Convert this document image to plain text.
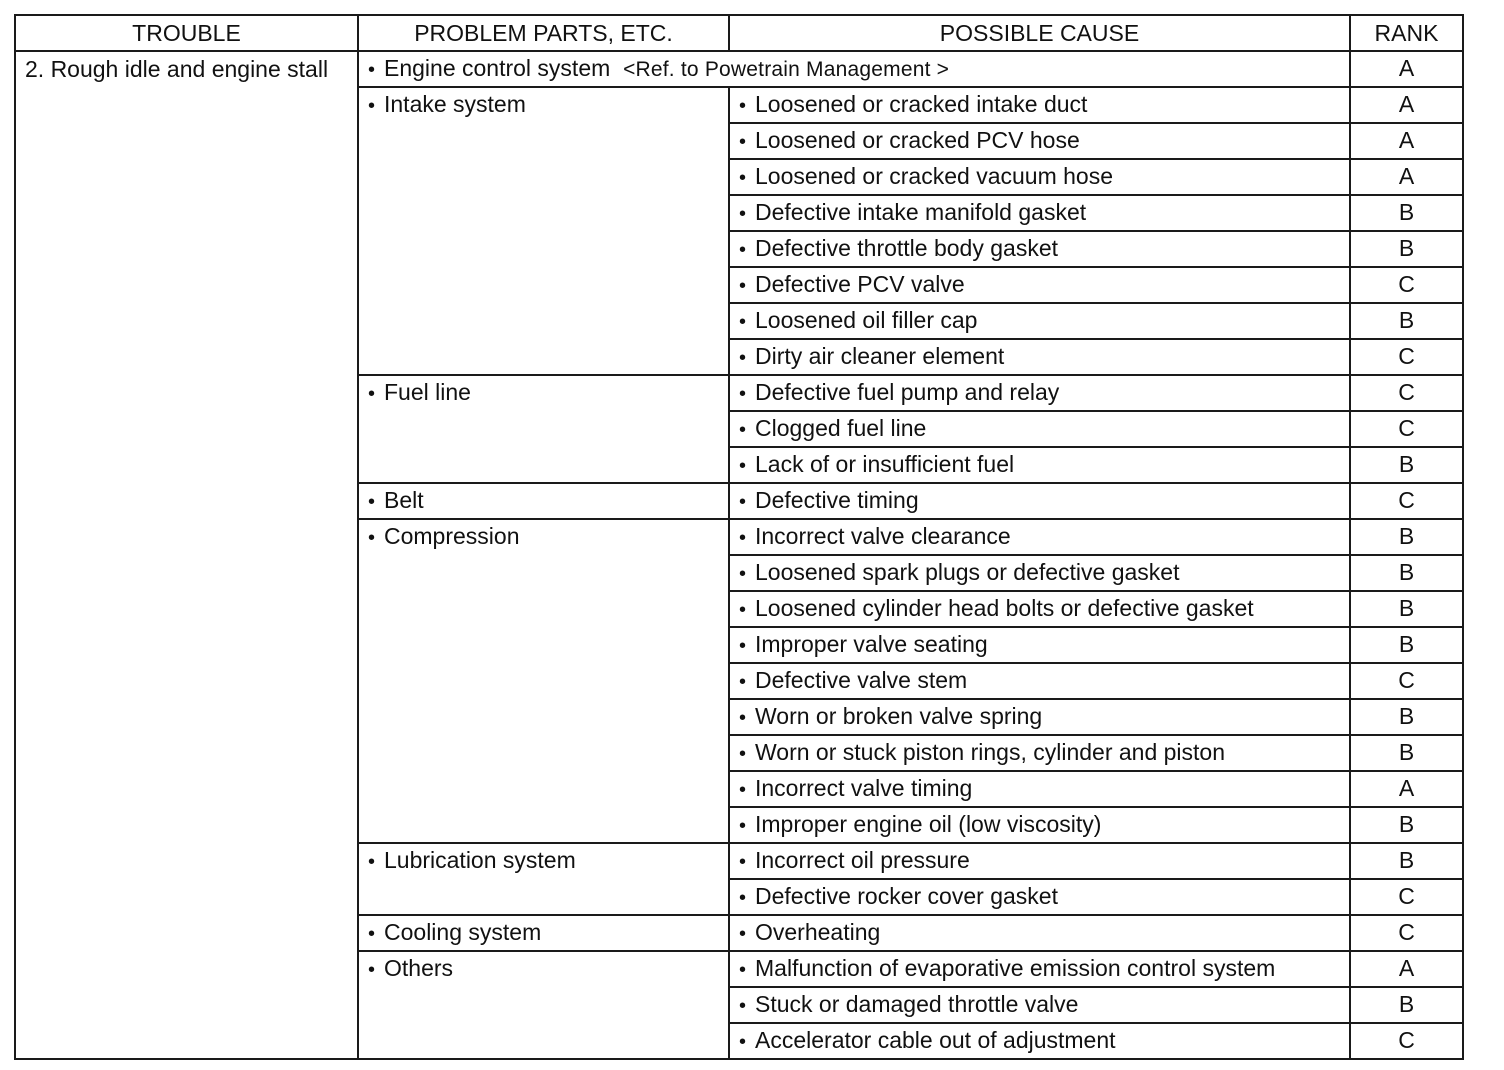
TROUBLE	PROBLEM PARTS, ETC.	POSSIBLE CAUSE	RANK
2. Rough idle and engine stall	• Engine control system <Ref. to Powetrain Management >		A
	• Intake system	• Loosened or cracked intake duct	A
		• Loosened or cracked PCV hose	A
		• Loosened or cracked vacuum hose	A
		• Defective intake manifold gasket	B
		• Defective throttle body gasket	B
		• Defective PCV valve	C
		• Loosened oil filler cap	B
		• Dirty air cleaner element	C
	• Fuel line	• Defective fuel pump and relay	C
		• Clogged fuel line	C
		• Lack of or insufficient fuel	B
	• Belt	• Defective timing	C
	• Compression	• Incorrect valve clearance	B
		• Loosened spark plugs or defective gasket	B
		• Loosened cylinder head bolts or defective gasket	B
		• Improper valve seating	B
		• Defective valve stem	C
		• Worn or broken valve spring	B
		• Worn or stuck piston rings, cylinder and piston	B
		• Incorrect valve timing	A
		• Improper engine oil (low viscosity)	B
	• Lubrication system	• Incorrect oil pressure	B
		• Defective rocker cover gasket	C
	• Cooling system	• Overheating	C
	• Others	• Malfunction of evaporative emission control system	A
		• Stuck or damaged throttle valve	B
		• Accelerator cable out of adjustment	C
